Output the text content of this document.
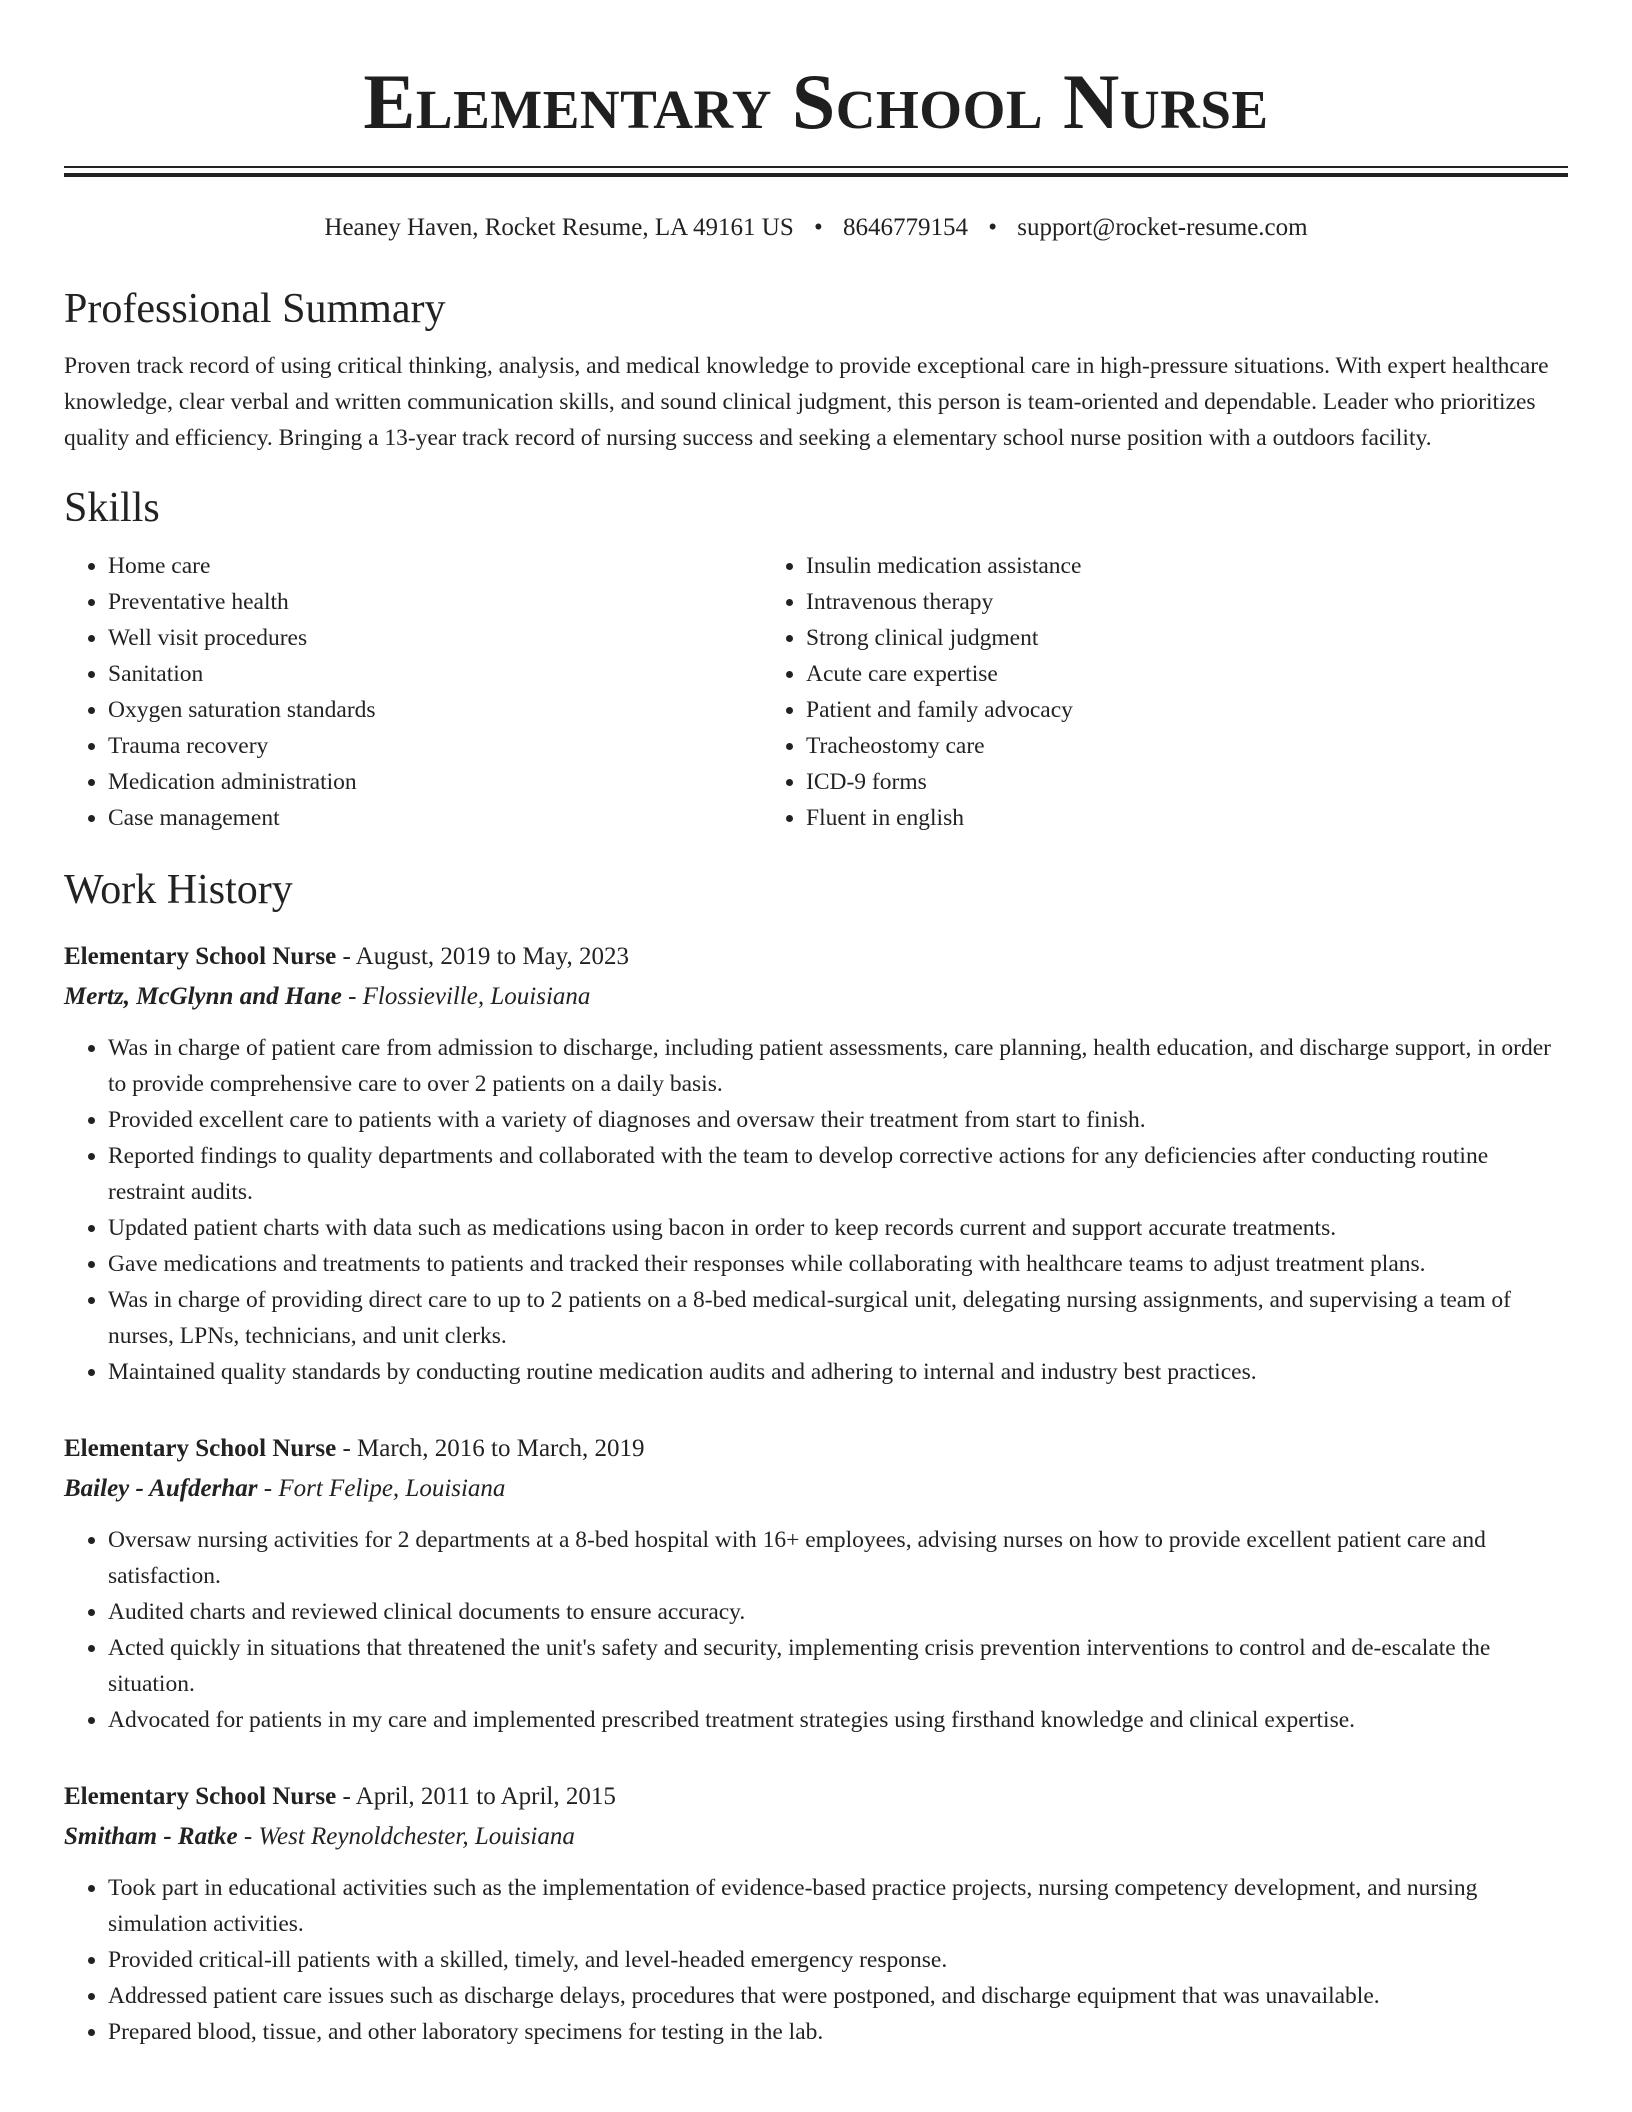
Elementary School Nurse
Heaney Haven, Rocket Resume, LA 49161 US • 8646779154 • support@rocket-resume.com
Professional Summary

Proven track record of using critical thinking, analysis, and medical knowledge to provide exceptional care in high-pressure situations. With expert healthcare knowledge, clear verbal and written communication skills, and sound clinical judgment, this person is team-oriented and dependable. Leader who prioritizes quality and efficiency. Bringing a 13-year track record of nursing success and seeking a elementary school nurse position with a outdoors facility.

Skills
• Home care
• Preventative health
• Well visit procedures
• Sanitation
• Oxygen saturation standards
• Trauma recovery
• Medication administration
• Case management
• Insulin medication assistance
• Intravenous therapy
• Strong clinical judgment
• Acute care expertise
• Patient and family advocacy
• Tracheostomy care
• ICD-9 forms
• Fluent in english
Work History
Elementary School Nurse - August, 2019 to May, 2023
Mertz, McGlynn and Hane - Flossieville, Louisiana
• Was in charge of patient care from admission to discharge, including patient assessments, care planning, health education, and discharge support, in order to provide comprehensive care to over 2 patients on a daily basis.
• Provided excellent care to patients with a variety of diagnoses and oversaw their treatment from start to finish.
• Reported findings to quality departments and collaborated with the team to develop corrective actions for any deficiencies after conducting routine restraint audits.
• Updated patient charts with data such as medications using bacon in order to keep records current and support accurate treatments.
• Gave medications and treatments to patients and tracked their responses while collaborating with healthcare teams to adjust treatment plans.
• Was in charge of providing direct care to up to 2 patients on a 8-bed medical-surgical unit, delegating nursing assignments, and supervising a team of nurses, LPNs, technicians, and unit clerks.
• Maintained quality standards by conducting routine medication audits and adhering to internal and industry best practices.
Elementary School Nurse - March, 2016 to March, 2019
Bailey - Aufderhar - Fort Felipe, Louisiana
• Oversaw nursing activities for 2 departments at a 8-bed hospital with 16+ employees, advising nurses on how to provide excellent patient care and satisfaction.
• Audited charts and reviewed clinical documents to ensure accuracy.
• Acted quickly in situations that threatened the unit's safety and security, implementing crisis prevention interventions to control and de-escalate the situation.
• Advocated for patients in my care and implemented prescribed treatment strategies using firsthand knowledge and clinical expertise.
Elementary School Nurse - April, 2011 to April, 2015
Smitham - Ratke - West Reynoldchester, Louisiana
• Took part in educational activities such as the implementation of evidence-based practice projects, nursing competency development, and nursing simulation activities.
• Provided critical-ill patients with a skilled, timely, and level-headed emergency response.
• Addressed patient care issues such as discharge delays, procedures that were postponed, and discharge equipment that was unavailable.
• Prepared blood, tissue, and other laboratory specimens for testing in the lab.
